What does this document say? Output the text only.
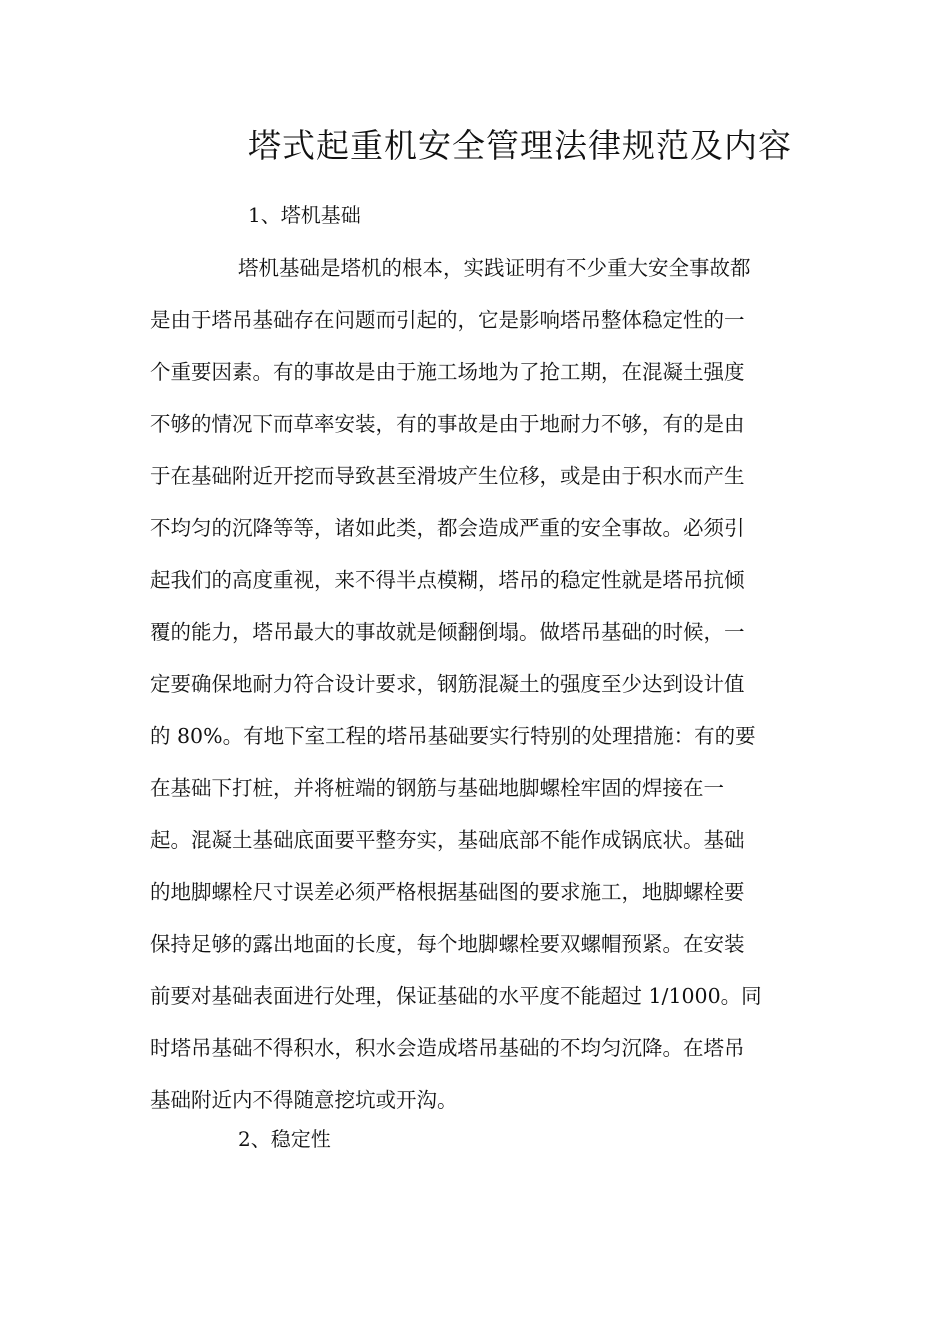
塔式起重机安全管理法律规范及内容
1、塔机基础
塔机基础是塔机的根本，实践证明有不少重大安全事故都
是由于塔吊基础存在问题而引起的，它是影响塔吊整体稳定性的一
个重要因素。有的事故是由于施工场地为了抢工期，在混凝土强度
不够的情况下而草率安装，有的事故是由于地耐力不够，有的是由
于在基础附近开挖而导致甚至滑坡产生位移，或是由于积水而产生
不均匀的沉降等等，诸如此类，都会造成严重的安全事故。必须引
起我们的高度重视，来不得半点模糊，塔吊的稳定性就是塔吊抗倾
覆的能力，塔吊最大的事故就是倾翻倒塌。做塔吊基础的时候，一
定要确保地耐力符合设计要求，钢筋混凝土的强度至少达到设计值
的 80%。有地下室工程的塔吊基础要实行特别的处理措施：有的要
在基础下打桩，并将桩端的钢筋与基础地脚螺栓牢固的焊接在一
起。混凝土基础底面要平整夯实，基础底部不能作成锅底状。基础
的地脚螺栓尺寸误差必须严格根据基础图的要求施工，地脚螺栓要
保持足够的露出地面的长度，每个地脚螺栓要双螺帽预紧。在安装
前要对基础表面进行处理，保证基础的水平度不能超过 1/1000。同
时塔吊基础不得积水，积水会造成塔吊基础的不均匀沉降。在塔吊
基础附近内不得随意挖坑或开沟。
2、稳定性
